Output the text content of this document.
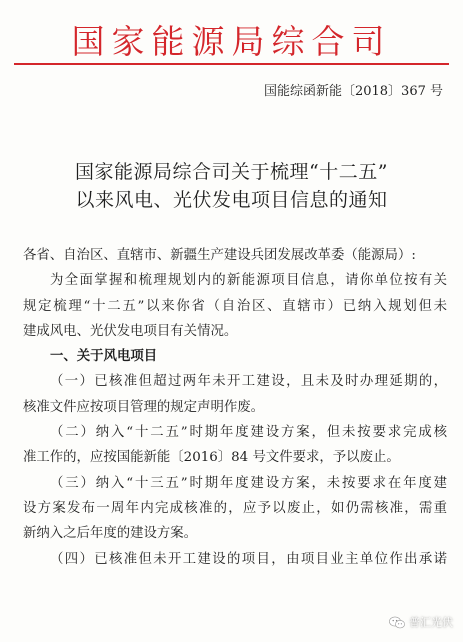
国家能源局综合司
国能综函新能〔2018〕367 号
国家能源局综合司关于梳理“十二五”
以来风电、光伏发电项目信息的通知
各省、自治区、直辖市、新疆生产建设兵团发展改革委（能源局）:
为全面掌握和梳理规划内的新能源项目信息，请你单位按有关
规定梳理“十二五”以来你省（自治区、直辖市）已纳入规划但未
建成风电、光伏发电项目有关情况。
一、关于风电项目
（一）已核准但超过两年未开工建设，且未及时办理延期的，
核准文件应按项目管理的规定声明作废。
（二）纳入“十二五”时期年度建设方案，但未按要求完成核
准工作的，应按国能新能〔2016〕84 号文件要求，予以废止。
（三）纳入“十三五”时期年度建设方案，未按要求在年度建
设方案发布一周年内完成核准的，应予以废止，如仍需核准，需重
新纳入之后年度的建设方案。
（四）已核准但未开工建设的项目，由项目业主单位作出承诺
普汇光伏
